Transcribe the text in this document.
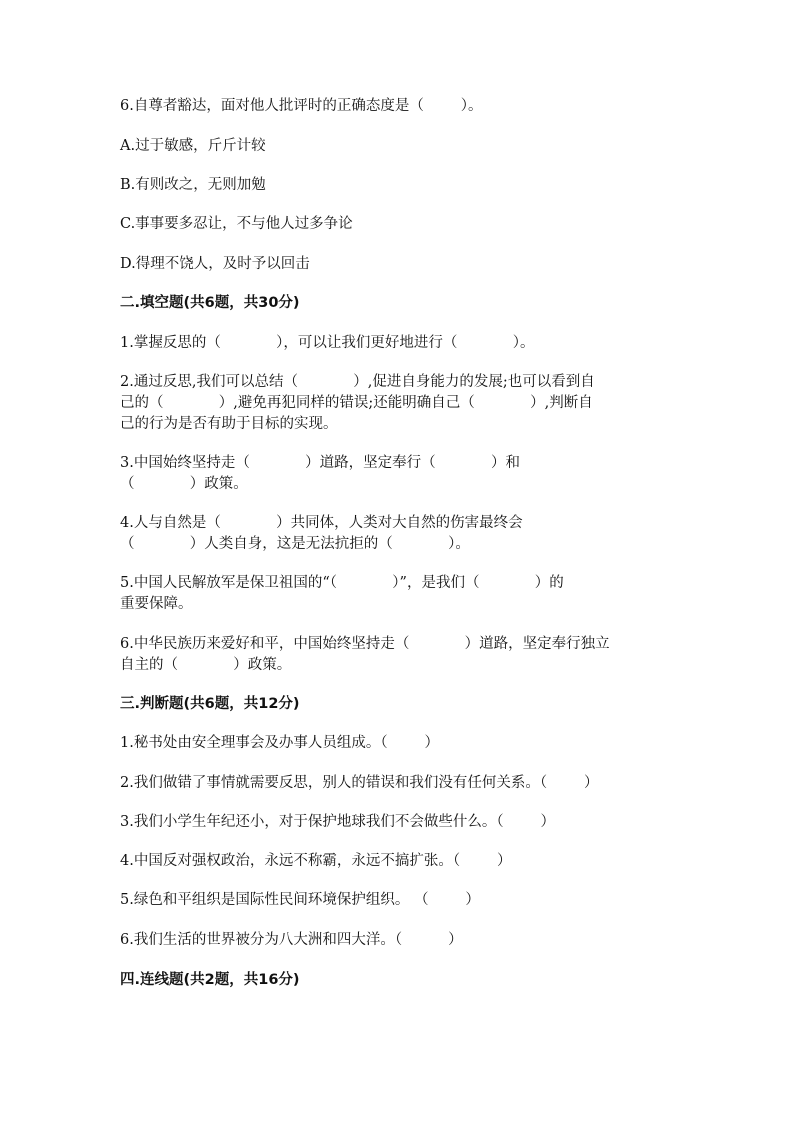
6.自尊者豁达，面对他人批评时的正确态度是（        ）。
A.过于敏感，斤斤计较
B.有则改之，无则加勉
C.事事要多忍让，不与他人过多争论
D.得理不饶人，及时予以回击
二.填空题(共6题，共30分)
1.掌握反思的（            ），可以让我们更好地进行（            ）。
2.通过反思,我们可以总结（            ）,促进自身能力的发展;也可以看到自
己的（            ）,避免再犯同样的错误;还能明确自己（            ）,判断自
己的行为是否有助于目标的实现。
3.中国始终坚持走（            ）道路，坚定奉行（            ）和
（            ）政策。
4.人与自然是（            ）共同体，人类对大自然的伤害最终会
（            ）人类自身，这是无法抗拒的（            ）。
5.中国人民解放军是保卫祖国的“（            ）”，是我们（            ）的
重要保障。
6.中华民族历来爱好和平，中国始终坚持走（            ）道路，坚定奉行独立
自主的（            ）政策。
三.判断题(共6题，共12分)
1.秘书处由安全理事会及办事人员组成。（        ）
2.我们做错了事情就需要反思，别人的错误和我们没有任何关系。（        ）
3.我们小学生年纪还小，对于保护地球我们不会做些什么。（        ）
4.中国反对强权政治，永远不称霸，永远不搞扩张。（        ）
5.绿色和平组织是国际性民间环境保护组织。 （        ）
6.我们生活的世界被分为八大洲和四大洋。（          ）
四.连线题(共2题，共16分)
